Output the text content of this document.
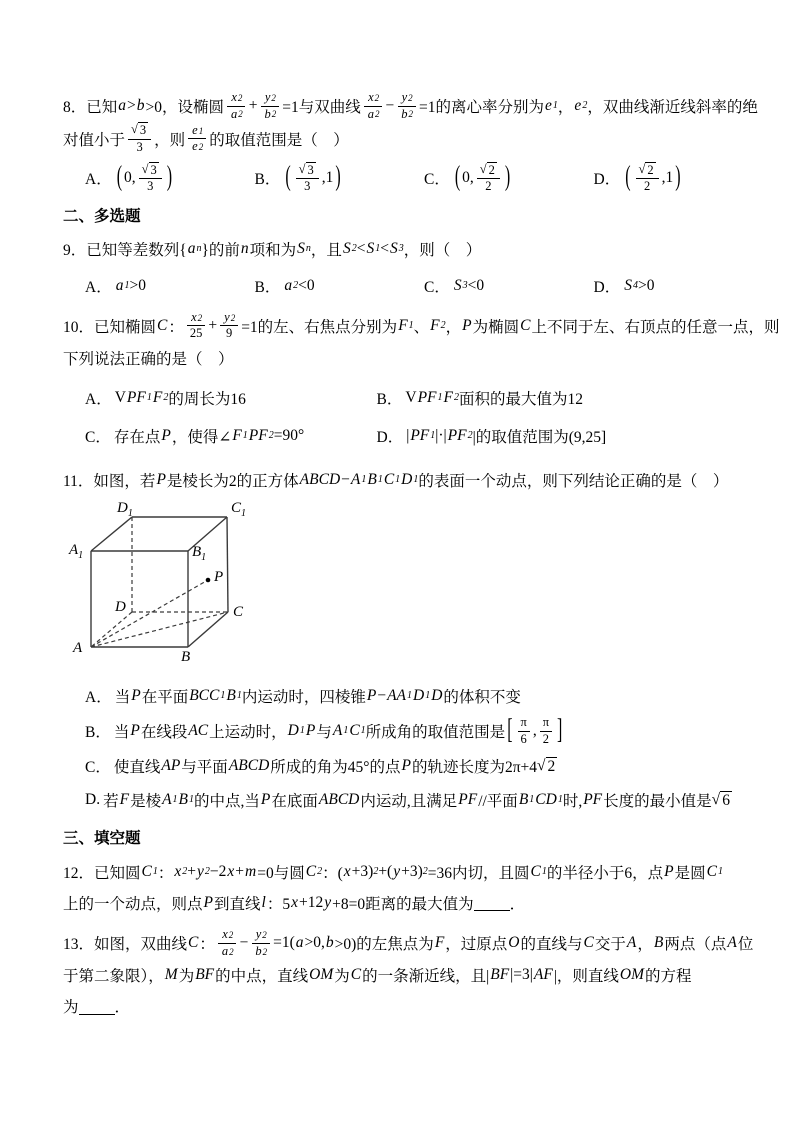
8．已知 a > b >0，设椭圆 $\frac{x 2}{a 2} + \frac{y 2}{b 2} =1$与双曲线 $\frac{x 2}{a 2} - \frac{y 2}{b 2} =1$的离心率分别为 e 1 ， e 2 ，双曲线渐近线斜率的绝
对值小于 $\frac{√ 3}{3}$ ，则 $\frac{e 1}{e 2}$ 的取值范围是（　）
A． ( 0, $\frac{√ 3}{3}$ )	B． ( $\frac{√ 3}{3} ,1$ )	C． ( 0, $\frac{√ 2}{2}$ )	D． ( $\frac{√ 2}{2} ,1$ )
二、多选题
9．已知等差数列{ a n }的前 n 项和为 S n ，且 S 2 < S 1 < S 3 ，则（　）
A． a 1 >0	B． a 2 <0	C． S 3 <0	D． S 4 >0
10．已知椭圆 C ： $\frac{x 2}{25} + \frac{y 2}{9} =1$的左、右焦点分别为 F 1 、 F 2 ， P 为椭圆 C 上不同于左、右顶点的任意一点，则
下列说法正确的是（　）
A． V PF 1 F 2 的周长为16	B． V PF 1 F 2 面积的最大值为12
C． 存在点 P ，使得∠ F 1 PF 2 =90°	D． | PF 1 |·| PF 2 |的取值范围为(9,25]
11．如图，若 P 是棱长为2的正方体 ABCD − A 1 B 1 C 1 D 1 的表面一个动点，则下列结论正确的是（　）
$D_1$	$C_1$
$A_1$	$B_1$
D	C
A
B
P
A． 当 P 在平面 BCC 1 B 1 内运动时，四棱锥 P − AA 1 D 1 D 的体积不变
B． 当 P 在线段 AC 上运动时， D 1 P 与 A 1 C 1 所成角的取值范围是 [ $\frac{\pi}{6}$ , $\frac{\pi}{2}$ ]
C． 使直线 AP 与平面 ABCD 所成的角为45°的点 P 的轨迹长度为2π+4 √ 2
D. 若 F 是棱 A 1 B 1 的中点,当 P 在底面 ABCD 内运动,且满足 PF //平面 B 1 CD 1 时, PF 长度的最小值是 √ 6
三、填空题
12．已知圆 C 1 ： x 2 + y 2 −2 x + m =0与圆 C 2 ：( x +3) 2 +( y +3) 2 =36内切，且圆 C 1 的半径小于6，点 P 是圆 C 1
上的一个动点，则点 P 到直线 l ：5 x +12 y +8=0距离的最大值为 ．
13．如图，双曲线 C ： $\frac{x 2}{a 2} - \frac{y 2}{b 2} =1$( a >0, b >0)的左焦点为 F ，过原点 O 的直线与 C 交于 A ， B 两点（点 A 位
于第二象限）， M 为 BF 的中点，直线 OM 为 C 的一条渐近线，且| BF |=3| AF |，则直线 OM 的方程
为 ．
